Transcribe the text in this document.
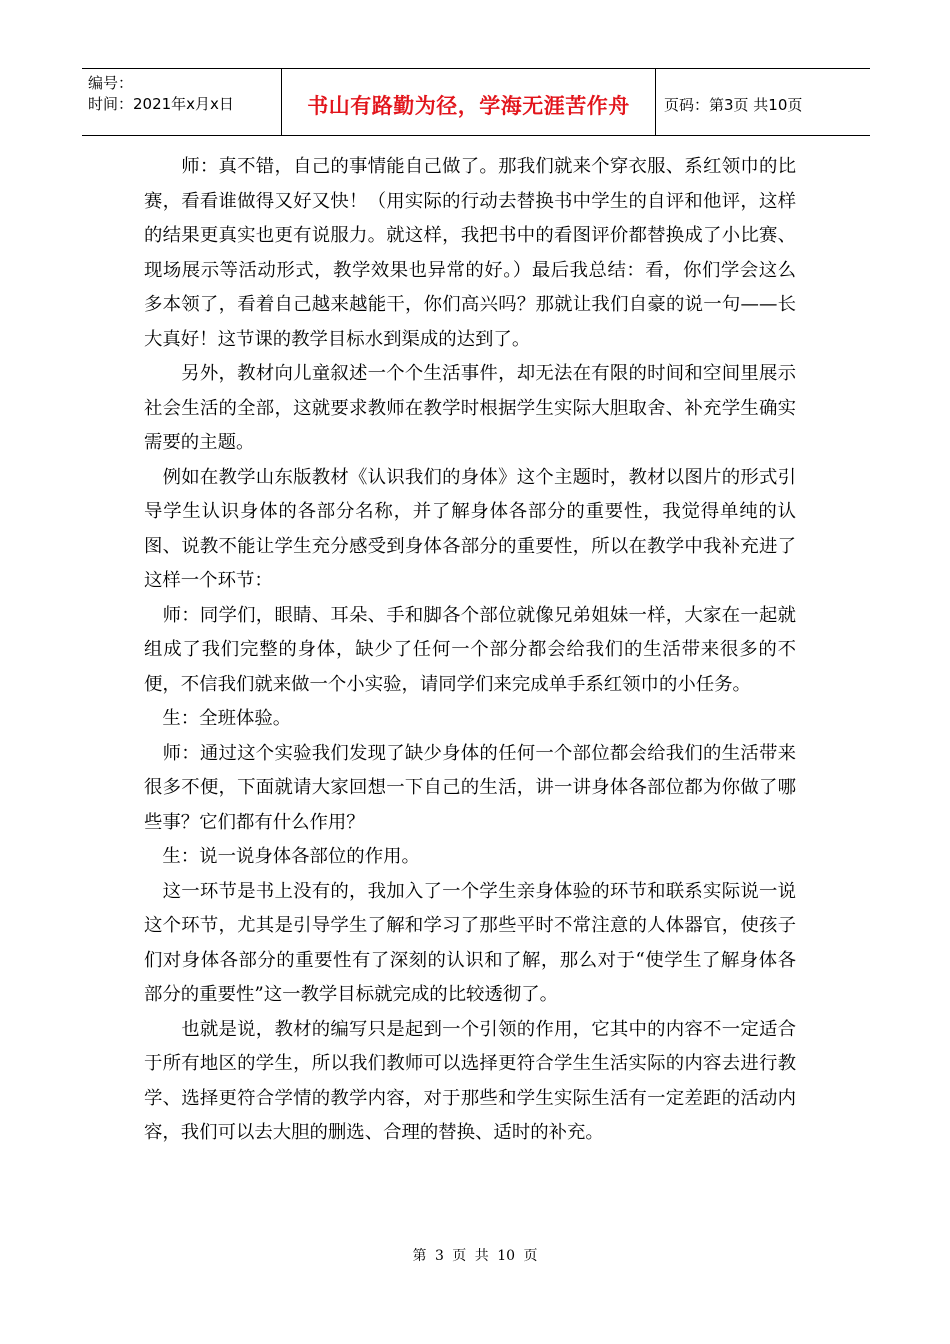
编号：
时间：2021年x月x日	书山有路勤为径，学海无涯苦作舟	页码：第3页 共10页

　　师：真不错，自己的事情能自己做了。那我们就来个穿衣服、系红领巾的比赛，看看谁做得又好又快！（用实际的行动去替换书中学生的自评和他评，这样的结果更真实也更有说服力。就这样，我把书中的看图评价都替换成了小比赛、现场展示等活动形式，教学效果也异常的好。）最后我总结：看，你们学会这么多本领了，看着自己越来越能干，你们高兴吗？那就让我们自豪的说一句——长大真好！这节课的教学目标水到渠成的达到了。

　　另外，教材向儿童叙述一个个生活事件，却无法在有限的时间和空间里展示社会生活的全部，这就要求教师在教学时根据学生实际大胆取舍、补充学生确实需要的主题。

　例如在教学山东版教材《认识我们的身体》这个主题时，教材以图片的形式引导学生认识身体的各部分名称，并了解身体各部分的重要性，我觉得单纯的认图、说教不能让学生充分感受到身体各部分的重要性，所以在教学中我补充进了这样一个环节：

　师：同学们，眼睛、耳朵、手和脚各个部位就像兄弟姐妹一样，大家在一起就组成了我们完整的身体，缺少了任何一个部分都会给我们的生活带来很多的不便，不信我们就来做一个小实验，请同学们来完成单手系红领巾的小任务。

　生：全班体验。

　师：通过这个实验我们发现了缺少身体的任何一个部位都会给我们的生活带来很多不便，下面就请大家回想一下自己的生活，讲一讲身体各部位都为你做了哪些事？它们都有什么作用？

　生：说一说身体各部位的作用。

　这一环节是书上没有的，我加入了一个学生亲身体验的环节和联系实际说一说这个环节，尤其是引导学生了解和学习了那些平时不常注意的人体器官，使孩子们对身体各部分的重要性有了深刻的认识和了解，那么对于“使学生了解身体各部分的重要性”这一教学目标就完成的比较透彻了。

　　也就是说，教材的编写只是起到一个引领的作用，它其中的内容不一定适合于所有地区的学生，所以我们教师可以选择更符合学生生活实际的内容去进行教学、选择更符合学情的教学内容，对于那些和学生实际生活有一定差距的活动内容，我们可以去大胆的删选、合理的替换、适时的补充。

第 3 页 共 10 页
